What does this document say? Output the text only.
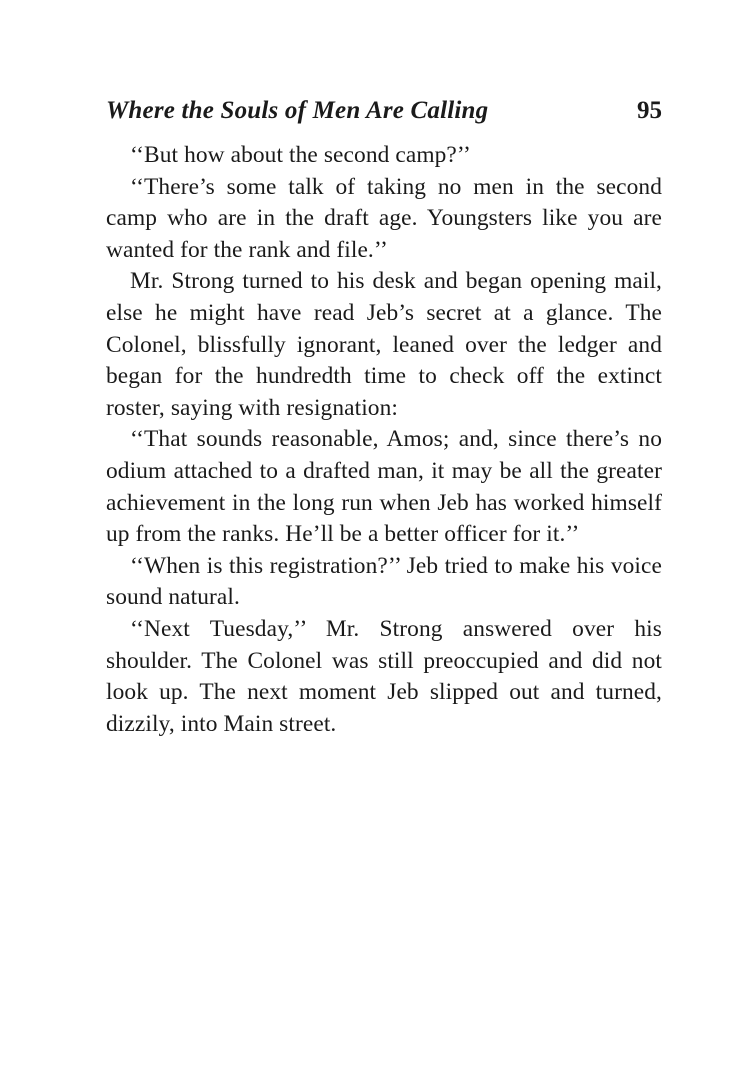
Where the Souls of Men Are Calling	95

‘‘But how about the second camp?’’

‘‘There’s some talk of taking no men in the second camp who are in the draft age. Youngsters like you are wanted for the rank and file.’’

Mr. Strong turned to his desk and began opening mail, else he might have read Jeb’s secret at a glance. The Colonel, blissfully ignorant, leaned over the ledger and began for the hundredth time to check off the extinct roster, saying with resignation:

‘‘That sounds reasonable, Amos; and, since there’s no odium attached to a drafted man, it may be all the greater achievement in the long run when Jeb has worked himself up from the ranks. He’ll be a better officer for it.’’

‘‘When is this registration?’’ Jeb tried to make his voice sound natural.

‘‘Next Tuesday,’’ Mr. Strong answered over his shoulder. The Colonel was still preoccupied and did not look up. The next moment Jeb slipped out and turned, dizzily, into Main street.
